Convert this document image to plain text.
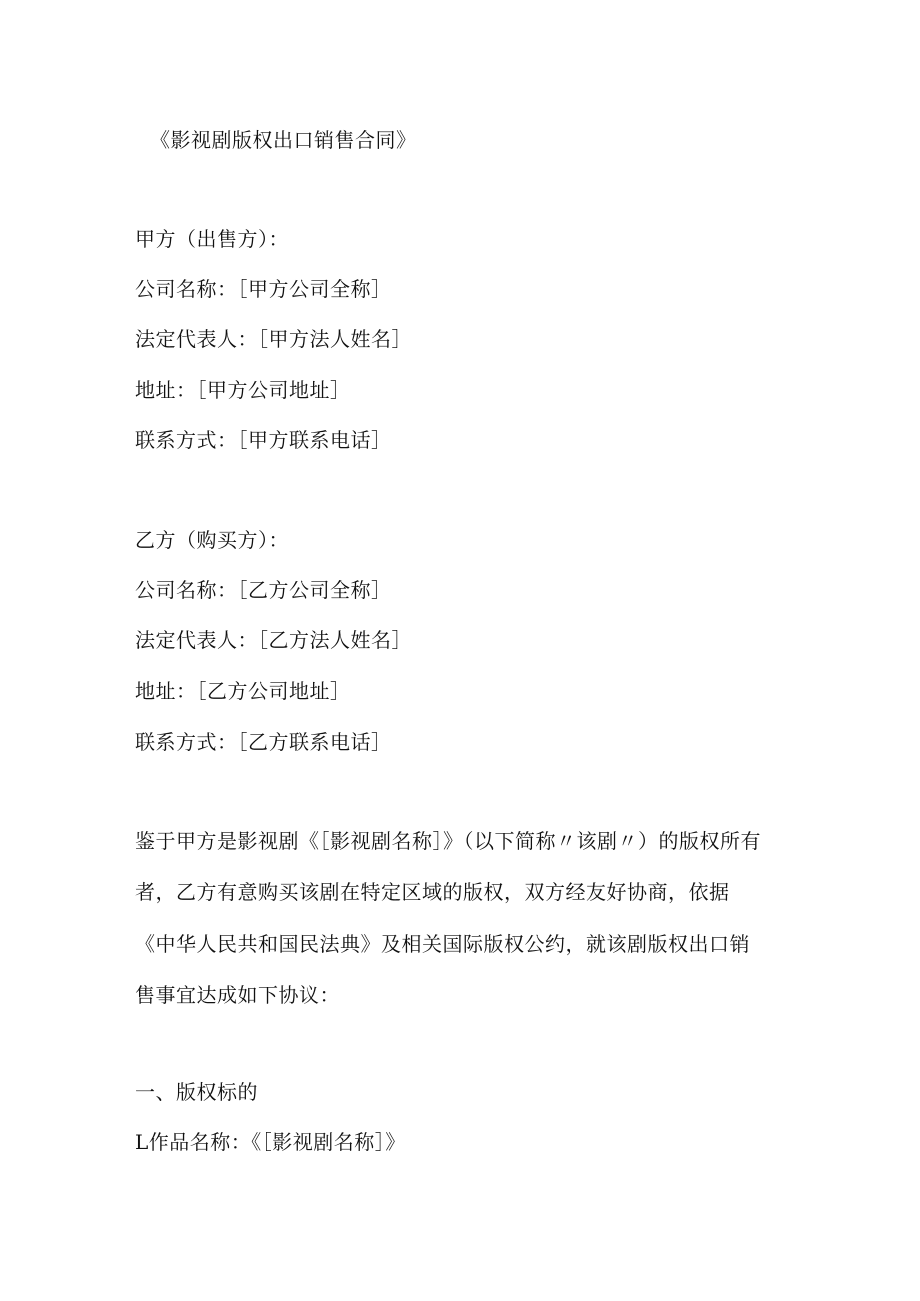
《影视剧版权出口销售合同》
甲方（出售方）：
公司名称：［甲方公司全称］
法定代表人：［甲方法人姓名］
地址：［甲方公司地址］
联系方式：［甲方联系电话］
乙方（购买方）：
公司名称：［乙方公司全称］
法定代表人：［乙方法人姓名］
地址：［乙方公司地址］
联系方式：［乙方联系电话］
鉴于甲方是影视剧《［影视剧名称］》（以下简称〃该剧〃）的版权所有
者，乙方有意购买该剧在特定区域的版权，双方经友好协商，依据
《中华人民共和国民法典》及相关国际版权公约，就该剧版权出口销
售事宜达成如下协议：
一、版权标的
L作品名称：《［影视剧名称］》
